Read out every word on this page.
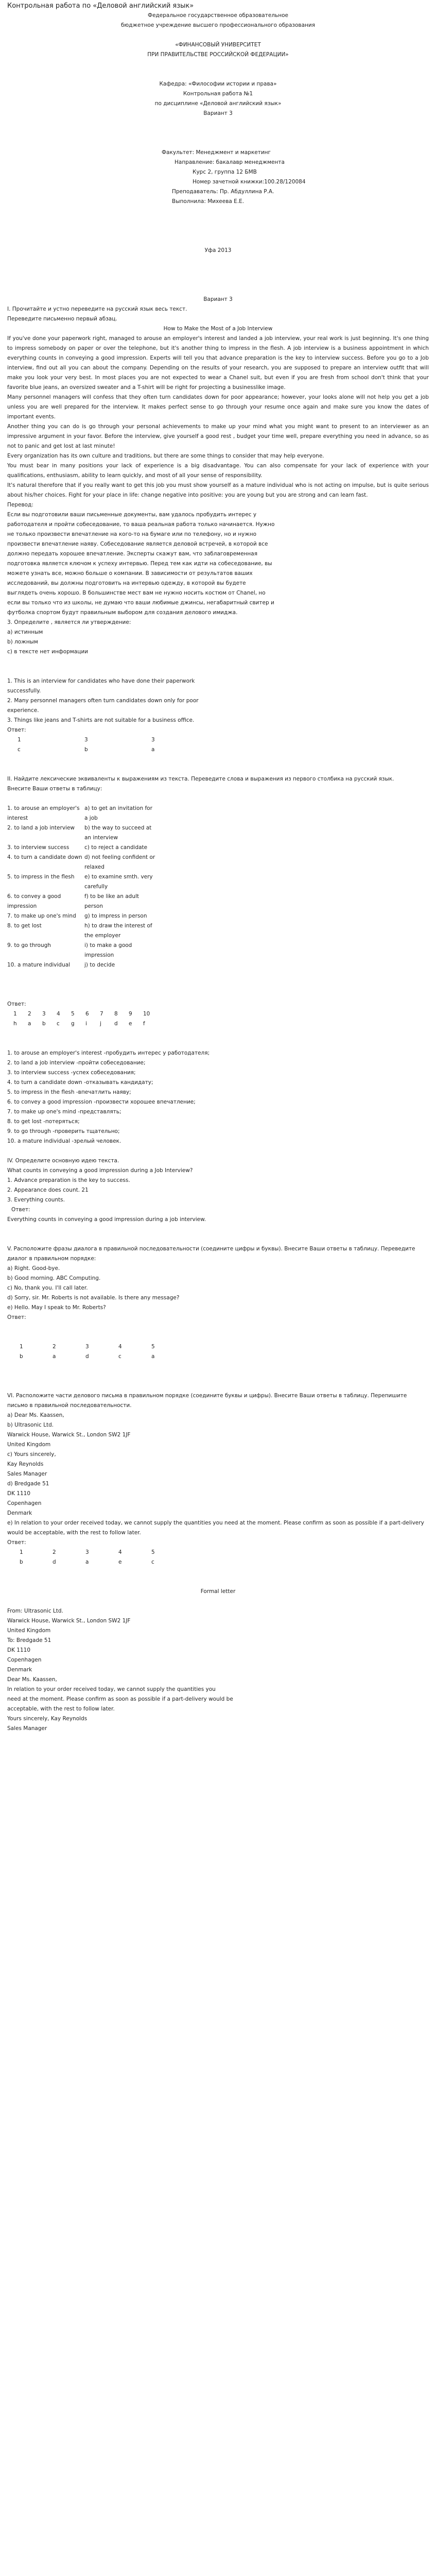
Контрольная работа по «Деловой английский язык»

Федеральное государственное образовательное

бюджетное учреждение высшего профессионального образования

«ФИНАНСОВЫЙ УНИВЕРСИТЕТ

ПРИ ПРАВИТЕЛЬСТВЕ РОССИЙСКОЙ ФЕДЕРАЦИИ»

Кафедра: «Философии истории и права»

Контрольная работа №1

по дисциплине «Деловой английский язык»

Вариант 3

Факультет: Менеджмент и маркетинг

Направление: бакалавр менеджмента

Курс 2, группа 12 БМВ

Номер зачетной книжки:100.28/120084

Преподаватель: Пр. Абдуллина Р.А.

Выполнила: Михеева Е.Е.

Уфа 2013

Вариант 3

I. Прочитайте и устно переведите на русский язык весь текст.

Переведите письменно первый абзац.

How to Make the Most of a Job Interview

If you've done your paperwork right, managed to arouse an employer's interest and landed a job interview, your real work is just beginning. It's one thing to impress somebody on paper or over the telephone, but it's another thing to impress in the flesh. A job interview is a business appointment in which everything counts in conveying a good impression. Experts will tell you that advance preparation is the key to interview success. Before you go to a Job interview, find out all you can about the company. Depending on the results of your research, you are supposed to prepare an interview outfit that will make you look your very best. In most places you are not expected to wear a Chanel suit, but even if you are fresh from school don't think that your favorite blue jeans, an oversized sweater and a T-shirt will be right for projecting a businesslike image.

Many personnel managers will confess that they often turn candidates down for poor appearance; however, your looks alone will not help you get a job unless you are well prepared for the interview. It makes perfect sense to go through your resume once again and make sure you know the dates of important events.

Another thing you can do is go through your personal achievements to make up your mind what you might want to present to an interviewer as an impressive argument in your favor. Before the interview, give yourself a good rest , budget your time well, prepare everything you need in advance, so as not to panic and get lost at last minute!

Every organization has its own culture and traditions, but there are some things to consider that may help everyone.

You must bear in many positions your lack of experience is a big disadvantage. You can also compensate for your lack of experience with your qualifications, enthusiasm, ability to learn quickly, and most of all your sense of responsibility.

It's natural therefore that if you really want to get this job you must show yourself as a mature individual who is not acting on impulse, but is quite serious about his/her choices. Fight for your place in life: change negative into positive: you are young but you are strong and can learn fast.

Перевод:

Если вы подготовили ваши письменные документы, вам удалось пробудить интерес у работодателя и пройти собеседование, то ваша реальная работа только начинается. Нужно не только произвести впечатление на кого-то на бумаге или по телефону, но и нужно произвести впечатление наяву. Собеседование является деловой встречей, в которой все должно передать хорошее впечатление. Эксперты скажут вам, что заблаговременная подготовка является ключом к успеху интервью. Перед тем как идти на собеседование, вы можете узнать все, можно больше о компании. В зависимости от результатов ваших исследований, вы должны подготовить на интервью одежду, в которой вы будете выглядеть очень хорошо. В большинстве мест вам не нужно носить костюм от Chanel, но если вы только что из школы, не думаю что ваши любимые джинсы, негабаритный свитер и футболка спортом будут правильным выбором для создания делового имиджа.

3. Определите , является ли утверждение:

а) истинным

b) ложным

с) в тексте нет информации

1. This is an interview for candidates who have done their paperwork

successfully.

2. Many personnel managers often turn candidates down only for poor

experience.

3. Things like jeans and T-shirts are not suitable for a business office.

Ответ:

1	3	3
c	b	a

II. Найдите лексические эквиваленты к выражениям из текста. Переведите слова и выражения из первого столбика на русский язык. Внесите Ваши ответы в таблицу:

1. to arouse an employer's interest	a) to get an invitation for a job
2. to land a job interview	b) the way to succeed at an interview
3. to interview success	c) to reject a candidate
4. to turn a candidate down	d) not feeling confident or relaxed
5. to impress in the flesh	e) to examine smth. very carefully
6. to convey a good impression	f) to be like an adult person
7. to make up one's mind	g) to impress in person
8. to get lost	h) to draw the interest of the employer
9. to go through	i) to make a good impression
10. a mature individual	j) to decide

Ответ:

1	2	3	4	5	6	7	8	9	10
h	a	b	c	g	i	j	d	e	f

1. to arouse an employer's interest -пробудить интерес у работодателя;

2. to land a job interview -пройти собеседование;

3. to interview success -успех собеседования;

4. to turn a candidate down -отказывать кандидату;

5. to impress in the flesh -впечатлить наяву;

6. to convey a good impression -произвести хорошее впечатление;

7. to make up one's mind -представлять;

8. to get lost -потеряться;

9. to go through -проверить тщательно;

10. a mature individual -зрелый человек.

IV. Определите основную идею текста.

What counts in conveying a good impression during a Job Interview?

1. Advance preparation is the key to success.

2. Appearance does count. 21

3. Everything counts.

Ответ:

Everything counts in conveying a good impression during a job interview.

V. Расположите фразы диалога в правильной последовательности (соедините цифры и буквы). Внесите Ваши ответы в таблицу. Переведите диалог в правильном порядке:

a) Right. Good-bye.

b) Good morning. ABC Computing.

c) No, thank you. I'll call later.

d) Sorry, sir. Mr. Roberts is not available. Is there any message?

e) Hello. May I speak to Mr. Roberts?

Ответ:

1	2	3	4	5
b	a	d	c	a

VI. Расположите части делового письма в правильном порядке (соедините буквы и цифры). Внесите Ваши ответы в таблицу. Перепишите письмо в правильной последовательности.

a) Dear Ms. Kaassen,

b) Ultrasonic Ltd.

Warwick House, Warwick St., London SW2 1JF

United Kingdom

c) Yours sincerely,

Kay Reynolds

Sales Manager

d) Bredgade 51

DK 1110

Copenhagen

Denmark

e) In relation to your order received today, we cannot supply the quantities you need at the moment. Please confirm as soon as possible if a part-delivery would be acceptable, with the rest to follow later.

Ответ:

1	2	3	4	5
b	d	a	e	c

Formal letter

From: Ultrasonic Ltd.

Warwick House, Warwick St., London SW2 1JF

United Kingdom

To: Bredgade 51

DK 1110

Copenhagen

Denmark

Dear Ms. Kaassen,

In relation to your order received today, we cannot supply the quantities you

need at the moment. Please confirm as soon as possible if a part-delivery would be

acceptable, with the rest to follow later.

Yours sincerely, Kay Reynolds

Sales Manager
